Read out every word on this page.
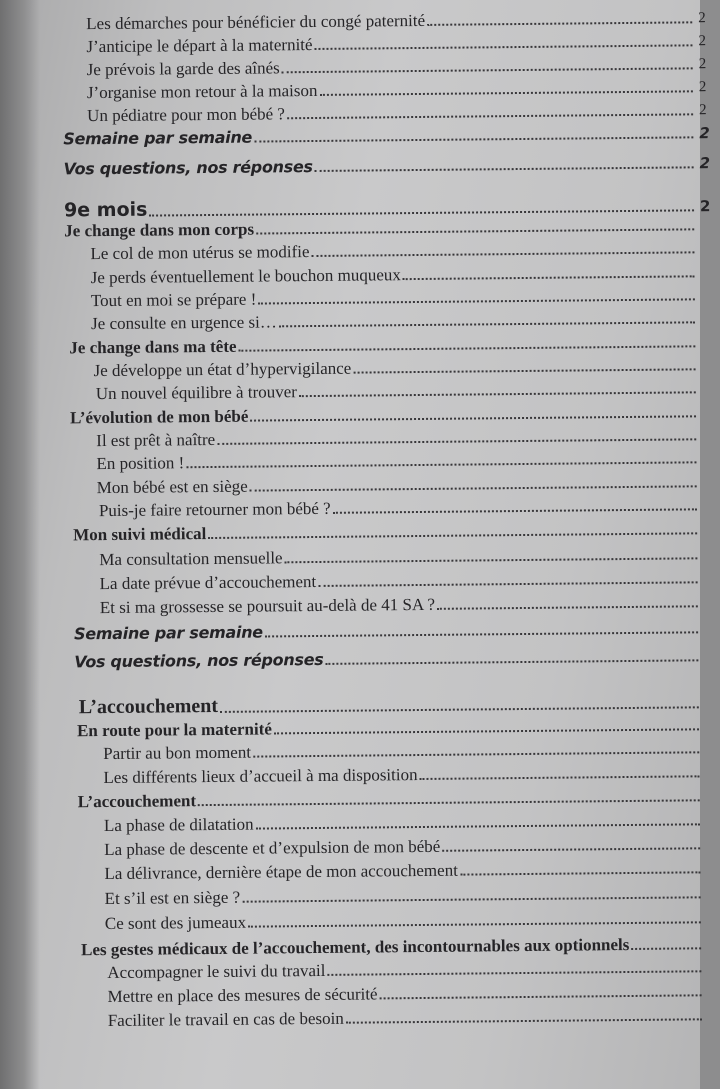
Les démarches pour bénéficier du congé paternité	2
J’anticipe le départ à la maternité	2
Je prévois la garde des aînés	2
J’organise mon retour à la maison	2
Un pédiatre pour mon bébé ?	2
Semaine par semaine	2
Vos questions, nos réponses	2
9e mois	2
Je change dans mon corps
Le col de mon utérus se modifie
Je perds éventuellement le bouchon muqueux
Tout en moi se prépare !
Je consulte en urgence si…
Je change dans ma tête
Je développe un état d’hypervigilance
Un nouvel équilibre à trouver
L’évolution de mon bébé
Il est prêt à naître
En position !
Mon bébé est en siège
Puis-je faire retourner mon bébé ?
Mon suivi médical
Ma consultation mensuelle
La date prévue d’accouchement
Et si ma grossesse se poursuit au-delà de 41 SA ?
Semaine par semaine
Vos questions, nos réponses
L’accouchement
En route pour la maternité
Partir au bon moment
Les différents lieux d’accueil à ma disposition
L’accouchement
La phase de dilatation
La phase de descente et d’expulsion de mon bébé
La délivrance, dernière étape de mon accouchement
Et s’il est en siège ?
Ce sont des jumeaux
Les gestes médicaux de l’accouchement, des incontournables aux optionnels
Accompagner le suivi du travail
Mettre en place des mesures de sécurité
Faciliter le travail en cas de besoin
